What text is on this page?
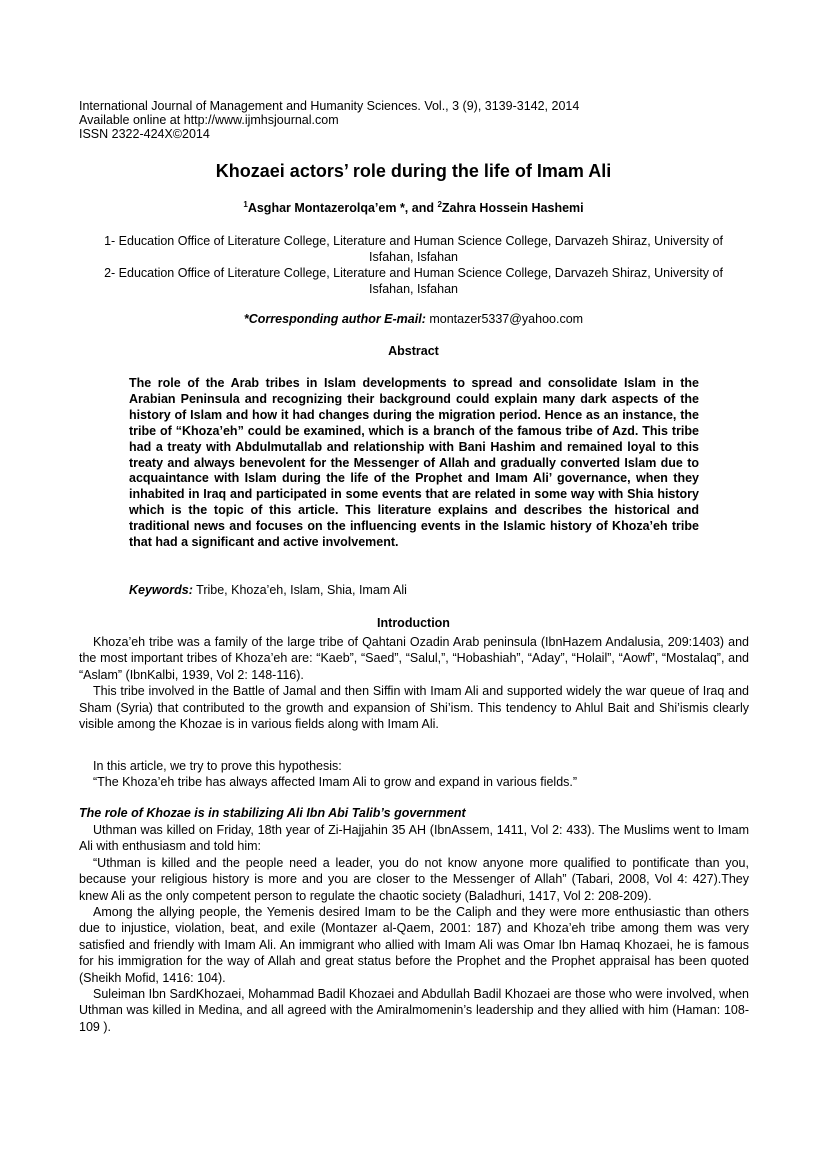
International Journal of Management and Humanity Sciences. Vol., 3 (9), 3139-3142, 2014
Available online at http://www.ijmhsjournal.com
ISSN 2322-424X©2014
Khozaei actors’ role during the life of Imam Ali
$^1$Asghar Montazerolqa’em *, and $^2$Zahra Hossein Hashemi
1- Education Office of Literature College, Literature and Human Science College, Darvazeh Shiraz, University of Isfahan, Isfahan
2- Education Office of Literature College, Literature and Human Science College, Darvazeh Shiraz, University of Isfahan, Isfahan
*Corresponding author E-mail: montazer5337@yahoo.com
Abstract
The role of the Arab tribes in Islam developments to spread and consolidate Islam in the Arabian Peninsula and recognizing their background could explain many dark aspects of the history of Islam and how it had changes during the migration period. Hence as an instance, the tribe of “Khoza’eh” could be examined, which is a branch of the famous tribe of Azd. This tribe had a treaty with Abdulmutallab and relationship with Bani Hashim and remained loyal to this treaty and always benevolent for the Messenger of Allah and gradually converted Islam due to acquaintance with Islam during the life of the Prophet and Imam Ali’ governance, when they inhabited in Iraq and participated in some events that are related in some way with Shia history which is the topic of this article. This literature explains and describes the historical and traditional news and focuses on the influencing events in the Islamic history of Khoza’eh tribe that had a significant and active involvement.
Keywords: Tribe, Khoza’eh, Islam, Shia, Imam Ali
Introduction

Khoza’eh tribe was a family of the large tribe of Qahtani Ozadin Arab peninsula (IbnHazem Andalusia, 209:1403) and the most important tribes of Khoza’eh are: “Kaeb”, “Saed”, “Salul,”, “Hobashiah”, “Aday”, “Holail”, “Aowf”, “Mostalaq”, and “Aslam” (IbnKalbi, 1939, Vol 2: 148-116).

This tribe involved in the Battle of Jamal and then Siffin with Imam Ali and supported widely the war queue of Iraq and Sham (Syria) that contributed to the growth and expansion of Shi’ism. This tendency to Ahlul Bait and Shi’ismis clearly visible among the Khozae is in various fields along with Imam Ali.

In this article, we try to prove this hypothesis:

“The Khoza’eh tribe has always affected Imam Ali to grow and expand in various fields.”

The role of Khozae is in stabilizing Ali Ibn Abi Talib’s government

Uthman was killed on Friday, 18th year of Zi-Hajjahin 35 AH (IbnAssem, 1411, Vol 2: 433). The Muslims went to Imam Ali with enthusiasm and told him:

“Uthman is killed and the people need a leader, you do not know anyone more qualified to pontificate than you, because your religious history is more and you are closer to the Messenger of Allah” (Tabari, 2008, Vol 4: 427).They knew Ali as the only competent person to regulate the chaotic society (Baladhuri, 1417, Vol 2: 208-209).

Among the allying people, the Yemenis desired Imam to be the Caliph and they were more enthusiastic than others due to injustice, violation, beat, and exile (Montazer al-Qaem, 2001: 187) and Khoza’eh tribe among them was very satisfied and friendly with Imam Ali. An immigrant who allied with Imam Ali was Omar Ibn Hamaq Khozaei, he is famous for his immigration for the way of Allah and great status before the Prophet and the Prophet appraisal has been quoted (Sheikh Mofid, 1416: 104).

Suleiman Ibn SardKhozaei, Mohammad Badil Khozaei and Abdullah Badil Khozaei are those who were involved, when Uthman was killed in Medina, and all agreed with the Amiralmomenin’s leadership and they allied with him (Haman: 108-109 ).
